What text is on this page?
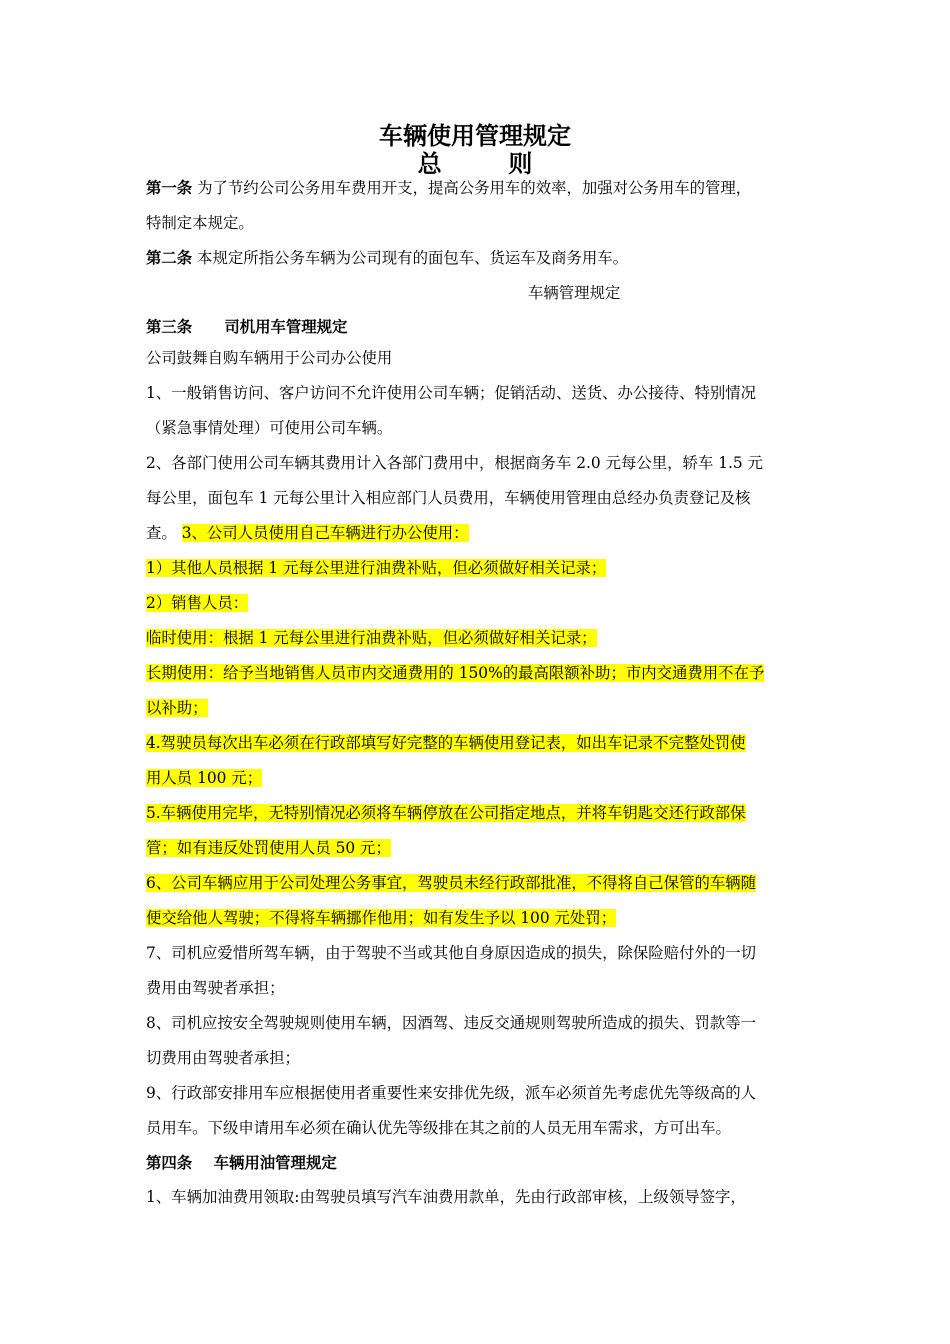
车辆使用管理规定
总        则
第一条 为了节约公司公务用车费用开支，提高公务用车的效率，加强对公务用车的管理，
特制定本规定。
第二条 本规定所指公务车辆为公司现有的面包车、货运车及商务用车。
车辆管理规定
第三条      司机用车管理规定
公司鼓舞自购车辆用于公司办公使用
1、一般销售访问、客户访问不允许使用公司车辆；促销活动、送货、办公接待、特别情况
（紧急事情处理）可使用公司车辆。
2、各部门使用公司车辆其费用计入各部门费用中，根据商务车 2.0 元每公里，轿车 1.5 元
每公里，面包车 1 元每公里计入相应部门人员费用，车辆使用管理由总经办负责登记及核
查。 3、公司人员使用自己车辆进行办公使用：
1）其他人员根据 1 元每公里进行油费补贴，但必须做好相关记录；
2）销售人员：
临时使用：根据 1 元每公里进行油费补贴，但必须做好相关记录；
长期使用：给予当地销售人员市内交通费用的 150%的最高限额补助；市内交通费用不在予
以补助；
4.驾驶员每次出车必须在行政部填写好完整的车辆使用登记表，如出车记录不完整处罚使
用人员 100 元；
5.车辆使用完毕，无特别情况必须将车辆停放在公司指定地点，并将车钥匙交还行政部保
管；如有违反处罚使用人员 50 元；
6、公司车辆应用于公司处理公务事宜，驾驶员未经行政部批准，不得将自己保管的车辆随
便交给他人驾驶；不得将车辆挪作他用；如有发生予以 100 元处罚；
7、司机应爱惜所驾车辆，由于驾驶不当或其他自身原因造成的损失，除保险赔付外的一切
费用由驾驶者承担；
8、司机应按安全驾驶规则使用车辆，因酒驾、违反交通规则驾驶所造成的损失、罚款等一
切费用由驾驶者承担；
9、行政部安排用车应根据使用者重要性来安排优先级，派车必须首先考虑优先等级高的人
员用车。下级申请用车必须在确认优先等级排在其之前的人员无用车需求，方可出车。
第四条    车辆用油管理规定
1、车辆加油费用领取:由驾驶员填写汽车油费用款单，先由行政部审核，上级领导签字，
